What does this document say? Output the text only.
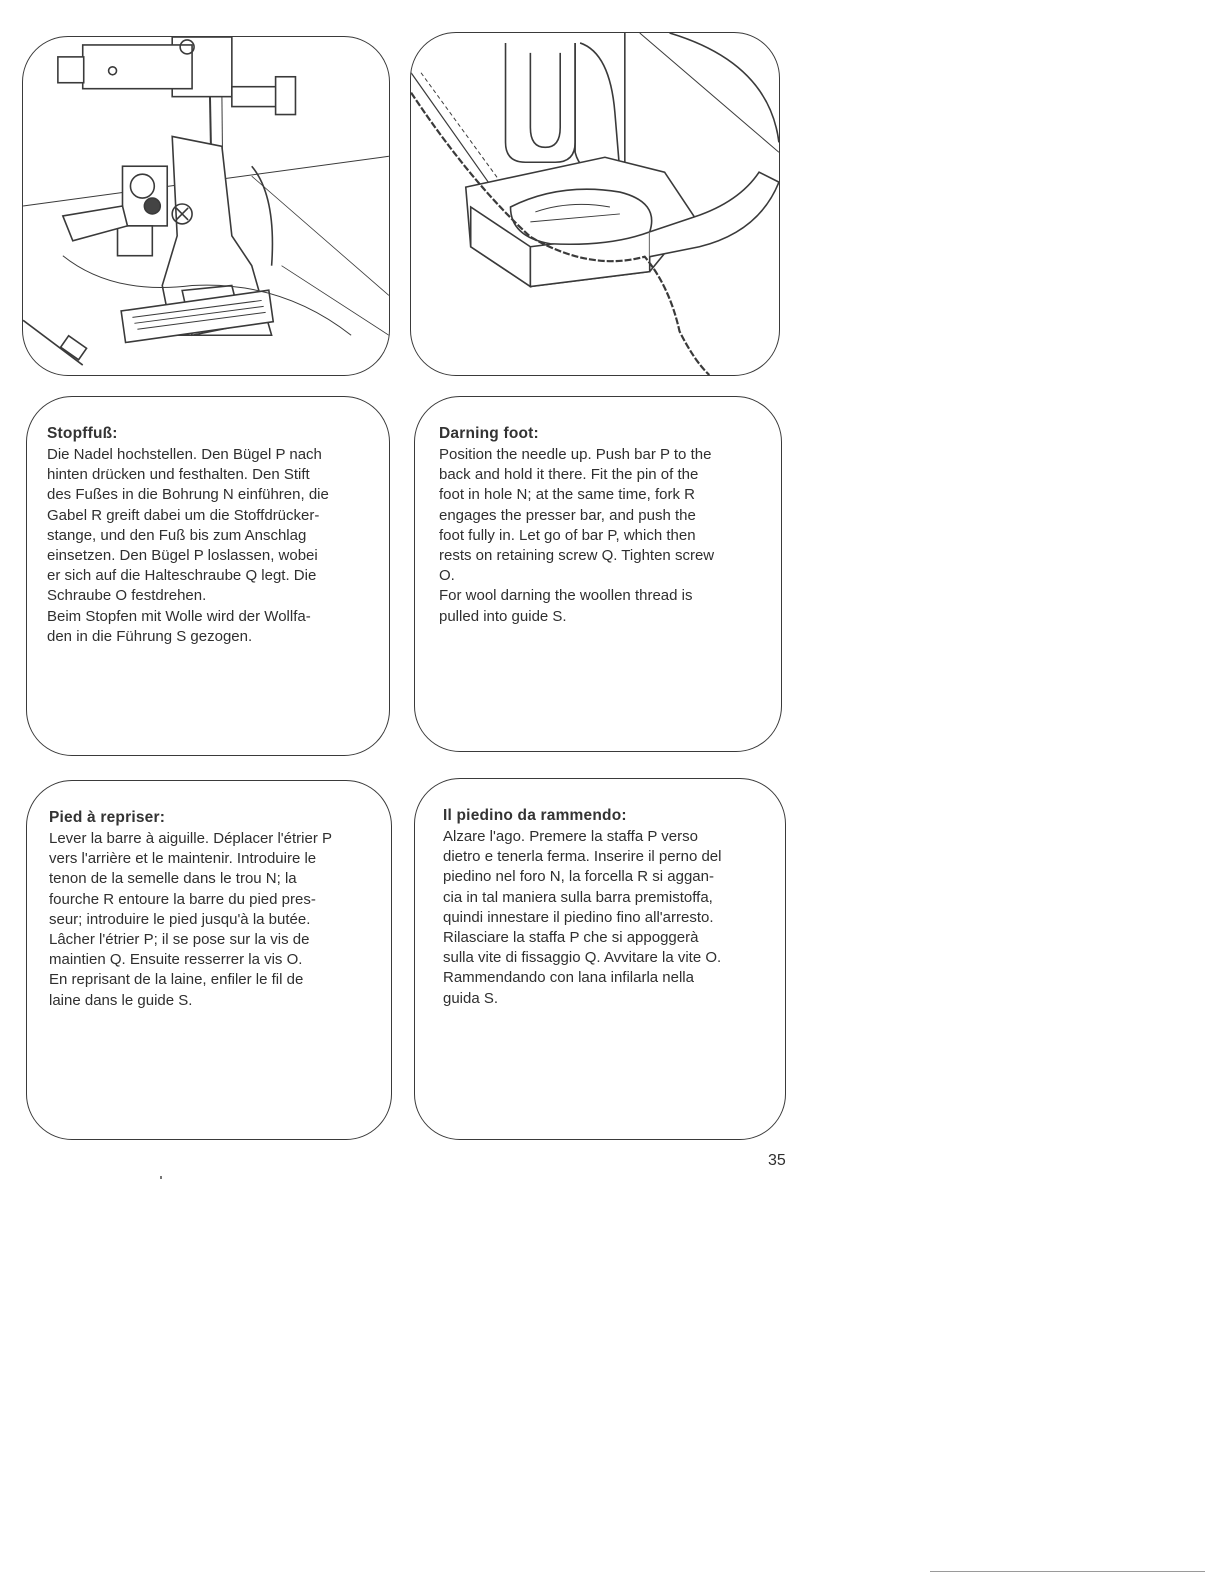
Stopffuß:

Die Nadel hochstellen. Den Bügel P nach
hinten drücken und festhalten. Den Stift
des Fußes in die Bohrung N einführen, die
Gabel R greift dabei um die Stoffdrücker-
stange, und den Fuß bis zum Anschlag
einsetzen. Den Bügel P loslassen, wobei
er sich auf die Halteschraube Q legt. Die
Schraube O festdrehen.
Beim Stopfen mit Wolle wird der Wollfa-
den in die Führung S gezogen.

Darning foot:

Position the needle up. Push bar P to the
back and hold it there. Fit the pin of the
foot in hole N; at the same time, fork R
engages the presser bar, and push the
foot fully in. Let go of bar P, which then
rests on retaining screw Q. Tighten screw
O.
For wool darning the woollen thread is
pulled into guide S.

Pied à repriser:

Lever la barre à aiguille. Déplacer l'étrier P
vers l'arrière et le maintenir. Introduire le
tenon de la semelle dans le trou N; la
fourche R entoure la barre du pied pres-
seur; introduire le pied jusqu'à la butée.
Lâcher l'étrier P; il se pose sur la vis de
maintien Q. Ensuite resserrer la vis O.
En reprisant de la laine, enfiler le fil de
laine dans le guide S.

Il piedino da rammendo:

Alzare l'ago. Premere la staffa P verso
dietro e tenerla ferma. Inserire il perno del
piedino nel foro N, la forcella R si aggan-
cia in tal maniera sulla barra premistoffa,
quindi innestare il piedino fino all'arresto.
Rilasciare la staffa P che si appoggerà
sulla vite di fissaggio Q. Avvitare la vite O.
Rammendando con lana infilarla nella
guida S.

35
